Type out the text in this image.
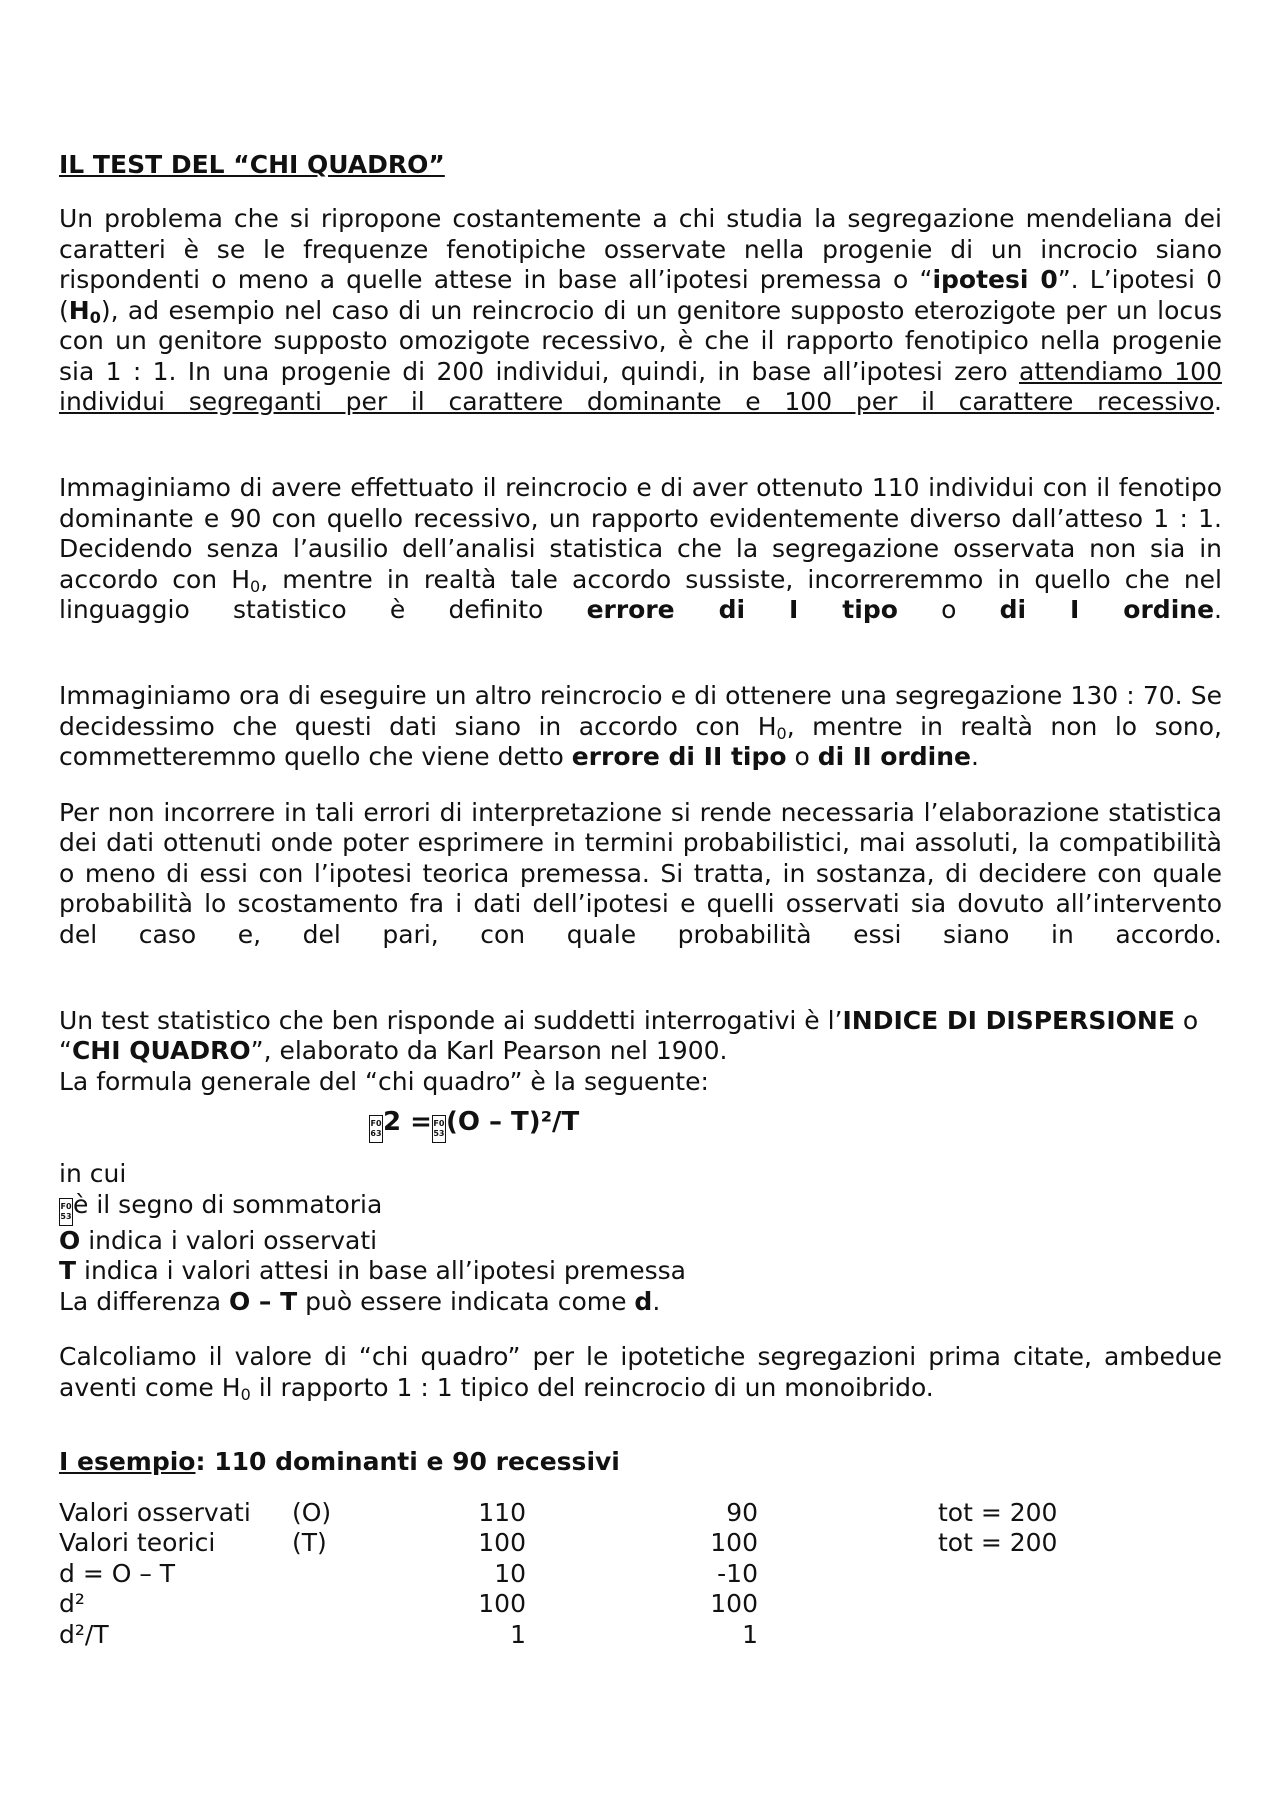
IL TEST DEL “CHI QUADRO”

Un problema che si ripropone costantemente a chi studia la segregazione mendeliana dei caratteri è se le frequenze fenotipiche osservate nella progenie di un incrocio siano rispondenti o meno a quelle attese in base all’ipotesi premessa o “ipotesi 0”. L’ipotesi 0 $(H_0)$, ad esempio nel caso di un reincrocio di un genitore supposto eterozigote per un locus con un genitore supposto omozigote recessivo, è che il rapporto fenotipico nella progenie sia 1 : 1. In una progenie di 200 individui, quindi, in base all’ipotesi zero attendiamo 100 individui segreganti per il carattere dominante e 100 per il carattere recessivo.

Immaginiamo di avere effettuato il reincrocio e di aver ottenuto 110 individui con il fenotipo dominante e 90 con quello recessivo, un rapporto evidentemente diverso dall’atteso 1 : 1. Decidendo senza l’ausilio dell’analisi statistica che la segregazione osservata non sia in accordo con $H_0$, mentre in realtà tale accordo sussiste, incorreremmo in quello che nel linguaggio statistico è definito errore di I tipo o di I ordine.

Immaginiamo ora di eseguire un altro reincrocio e di ottenere una segregazione 130 : 70. Se decidessimo che questi dati siano in accordo con $H_0$, mentre in realtà non lo sono, commetteremmo quello che viene detto errore di II tipo o di II ordine.

Per non incorrere in tali errori di interpretazione si rende necessaria l’elaborazione statistica dei dati ottenuti onde poter esprimere in termini probabilistici, mai assoluti, la compatibilità o meno di essi con l’ipotesi teorica premessa. Si tratta, in sostanza, di decidere con quale probabilità lo scostamento fra i dati dell’ipotesi e quelli osservati sia dovuto all’intervento del caso e, del pari, con quale probabilità essi siano in accordo.

Un test statistico che ben risponde ai suddetti interrogativi è l’INDICE DI DISPERSIONE o “CHI QUADRO”, elaborato da Karl Pearson nel 1900.
La formula generale del “chi quadro” è la seguente:

F0 632 =F0 53(O – T)²/T

in cui
F0 53è il segno di sommatoria
O indica i valori osservati
T indica i valori attesi in base all’ipotesi premessa
La differenza O – T può essere indicata come d.

Calcoliamo il valore di “chi quadro” per le ipotetiche segregazioni prima citate, ambedue aventi come $H_0$ il rapporto 1 : 1 tipico del reincrocio di un monoibrido.

I esempio: 110 dominanti e 90 recessivi
Valori osservati	(O)	110	90		tot = 200
Valori teorici	(T)	100	100		tot = 200
d = O – T		10	-10		
d²		100	100		
d²/T		1	1		
